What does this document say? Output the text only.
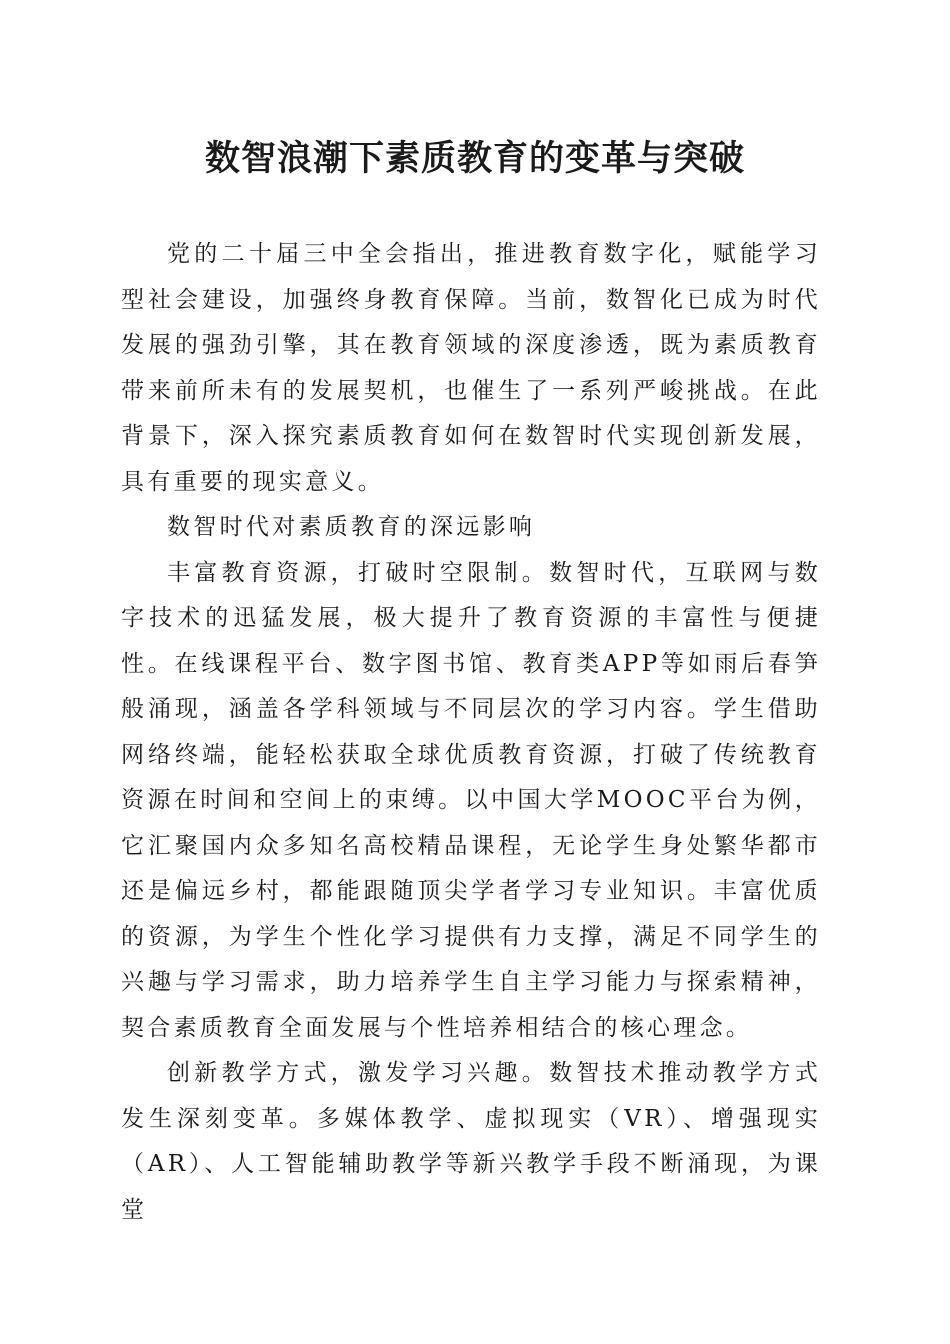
数智浪潮下素质教育的变革与突破

党的二十届三中全会指出，推进教育数字化，赋能学习型社会建设，加强终身教育保障。当前，数智化已成为时代发展的强劲引擎，其在教育领域的深度渗透，既为素质教育带来前所未有的发展契机，也催生了一系列严峻挑战。在此背景下，深入探究素质教育如何在数智时代实现创新发展，具有重要的现实意义。

数智时代对素质教育的深远影响

丰富教育资源，打破时空限制。数智时代，互联网与数字技术的迅猛发展，极大提升了教育资源的丰富性与便捷性。在线课程平台、数字图书馆、教育类APP等如雨后春笋般涌现，涵盖各学科领域与不同层次的学习内容。学生借助网络终端，能轻松获取全球优质教育资源，打破了传统教育资源在时间和空间上的束缚。以中国大学MOOC平台为例，它汇聚国内众多知名高校精品课程，无论学生身处繁华都市还是偏远乡村，都能跟随顶尖学者学习专业知识。丰富优质的资源，为学生个性化学习提供有力支撑，满足不同学生的兴趣与学习需求，助力培养学生自主学习能力与探索精神，契合素质教育全面发展与个性培养相结合的核心理念。

创新教学方式，激发学习兴趣。数智技术推动教学方式发生深刻变革。多媒体教学、虚拟现实（VR）、增强现实（AR）、人工智能辅助教学等新兴教学手段不断涌现，为课堂
